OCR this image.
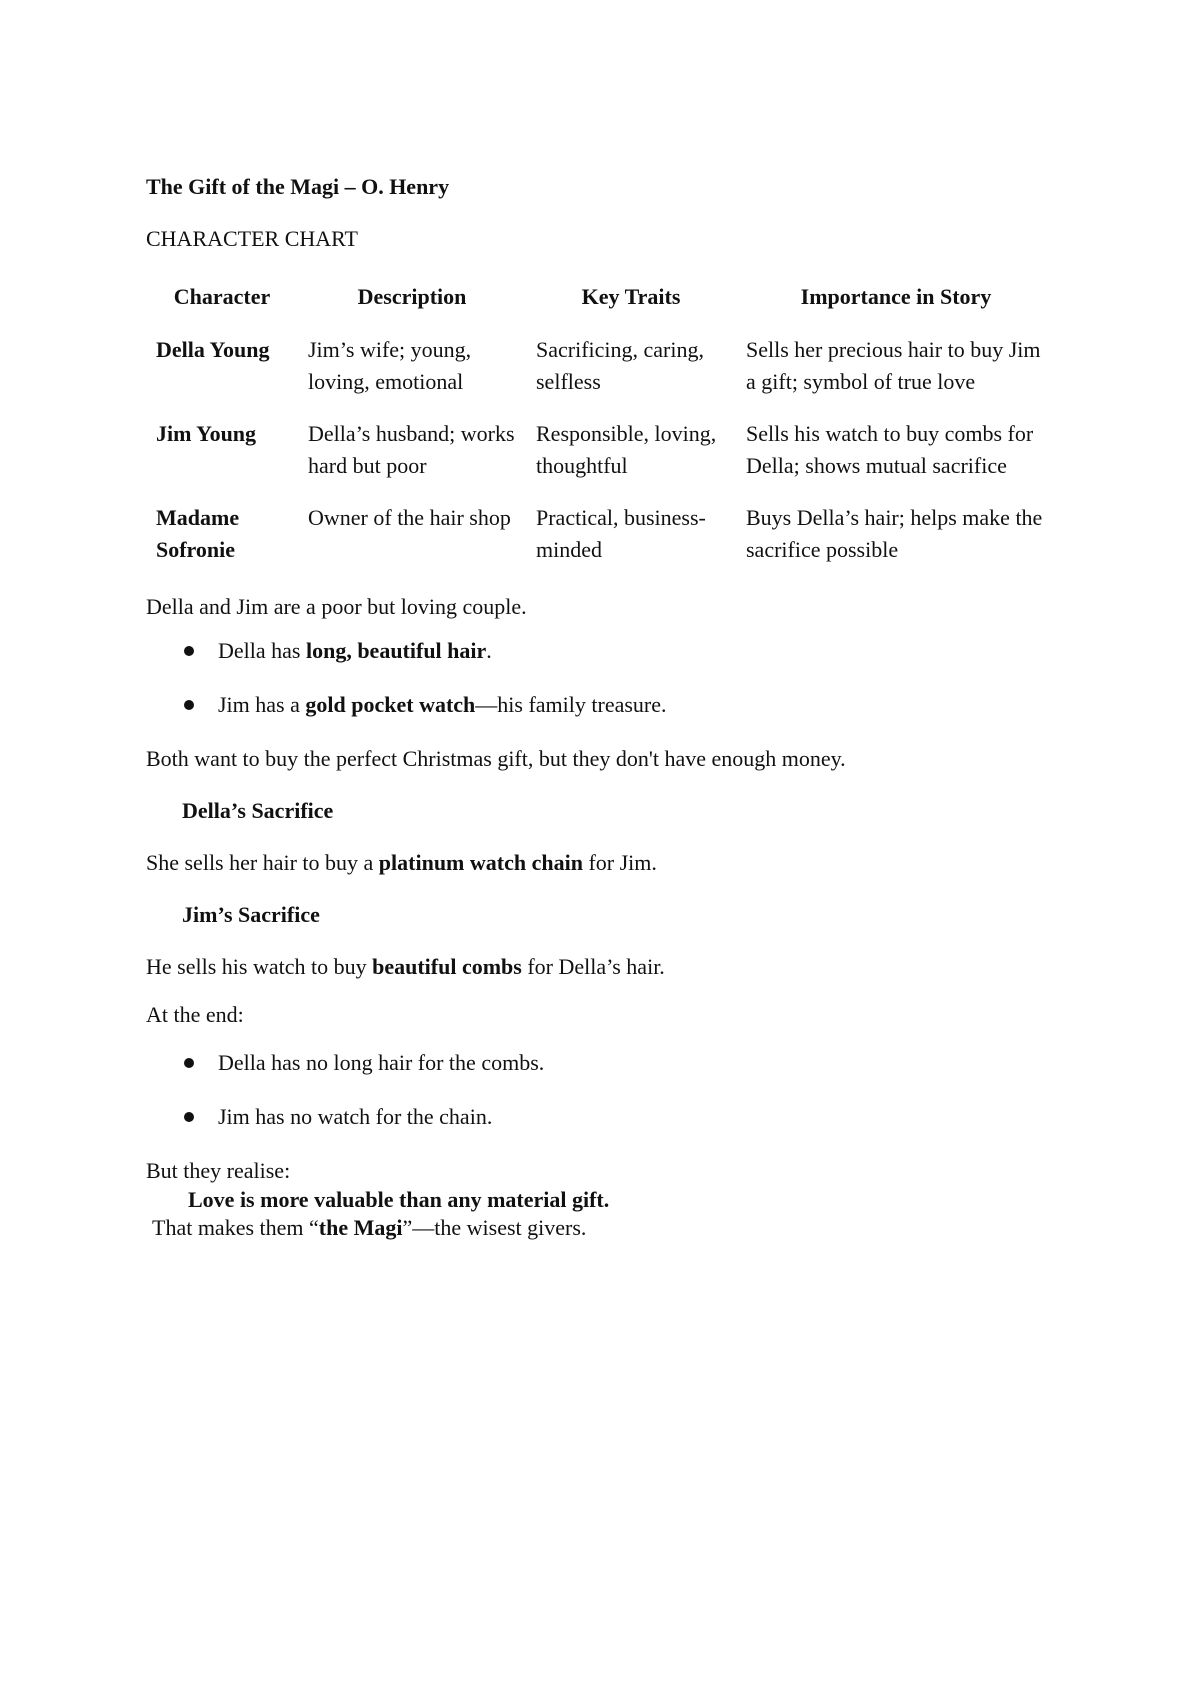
The Gift of the Magi – O. Henry

CHARACTER CHART

Character	Description	Key Traits	Importance in Story
Della Young	Jim’s wife; young, loving, emotional	Sacrificing, caring, selfless	Sells her precious hair to buy Jim a gift; symbol of true love
Jim Young	Della’s husband; works hard but poor	Responsible, loving, thoughtful	Sells his watch to buy combs for Della; shows mutual sacrifice
Madame Sofronie	Owner of the hair shop	Practical, business-minded	Buys Della’s hair; helps make the sacrifice possible

Della and Jim are a poor but loving couple.

Della has long, beautiful hair.
Jim has a gold pocket watch—his family treasure.

Both want to buy the perfect Christmas gift, but they don't have enough money.

Della’s Sacrifice

She sells her hair to buy a platinum watch chain for Jim.

Jim’s Sacrifice

He sells his watch to buy beautiful combs for Della’s hair.

At the end:

Della has no long hair for the combs.
Jim has no watch for the chain.

But they realise:

Love is more valuable than any material gift.

That makes them “the Magi”—the wisest givers.
